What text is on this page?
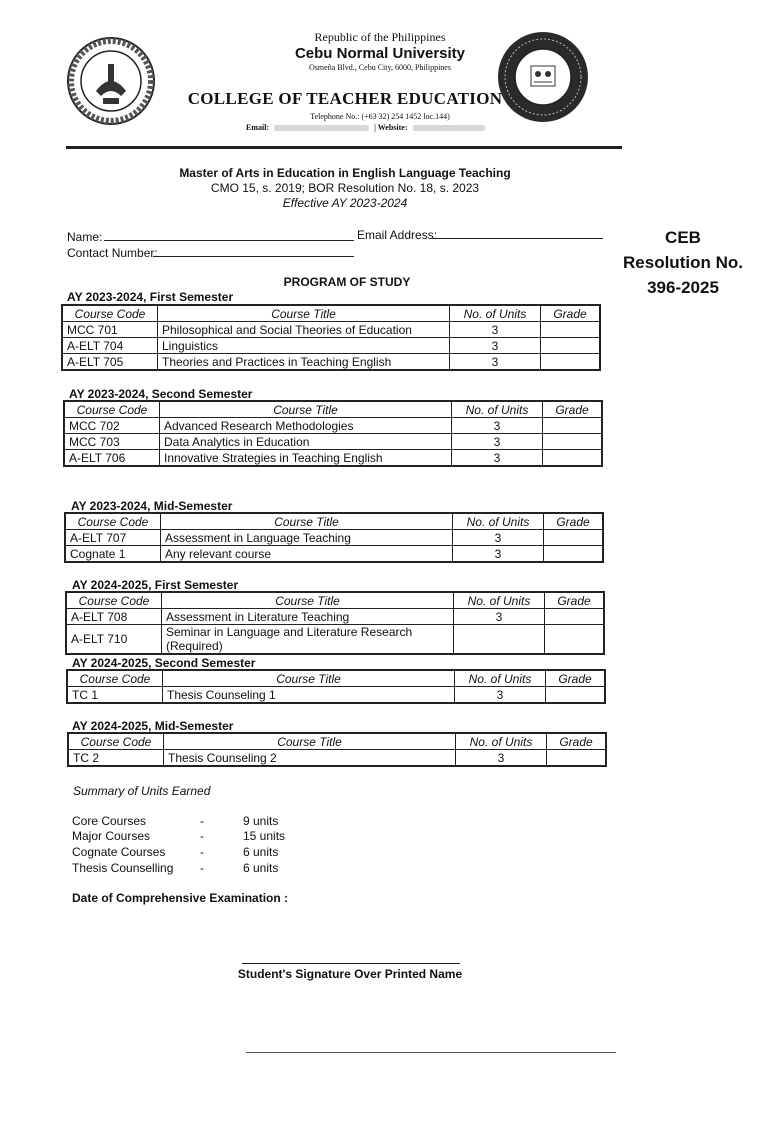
Republic of the Philippines
Cebu Normal University
Osmeña Blvd., Cebu City, 6000, Philippines
COLLEGE OF TEACHER EDUCATION
Telephone No.: (+63 32) 254 1452 loc.144)
Email:	| Website:
Master of Arts in Education in English Language Teaching
CMO 15, s. 2019; BOR Resolution No. 18, s. 2023
Effective AY 2023-2024
Name:	Email Address:
Contact Number:
CEB
Resolution No.
396-2025
PROGRAM OF STUDY
AY 2023-2024, First Semester
Course Code	Course Title	No. of Units	Grade
MCC 701	Philosophical and Social Theories of Education	3	
A-ELT 704	Linguistics	3	
A-ELT 705	Theories and Practices in Teaching English	3	
AY 2023-2024, Second Semester
Course Code	Course Title	No. of Units	Grade
MCC 702	Advanced Research Methodologies	3	
MCC 703	Data Analytics in Education	3	
A-ELT 706	Innovative Strategies in Teaching English	3	
AY 2023-2024, Mid-Semester
Course Code	Course Title	No. of Units	Grade
A-ELT 707	Assessment in Language Teaching	3	
Cognate 1	Any relevant course	3	
AY 2024-2025, First Semester
Course Code	Course Title	No. of Units	Grade
A-ELT 708	Assessment in Literature Teaching	3	
A-ELT 710	Seminar in Language and Literature Research (Required)		
AY 2024-2025, Second Semester
Course Code	Course Title	No. of Units	Grade
TC 1	Thesis Counseling 1	3	
AY 2024-2025, Mid-Semester
Course Code	Course Title	No. of Units	Grade
TC 2	Thesis Counseling 2	3	
Summary of Units Earned
Core Courses	-	9 units
Major Courses	-	15 units
Cognate Courses	-	6 units
Thesis Counselling -	6 units
Date of Comprehensive Examination :
Student's Signature Over Printed Name
